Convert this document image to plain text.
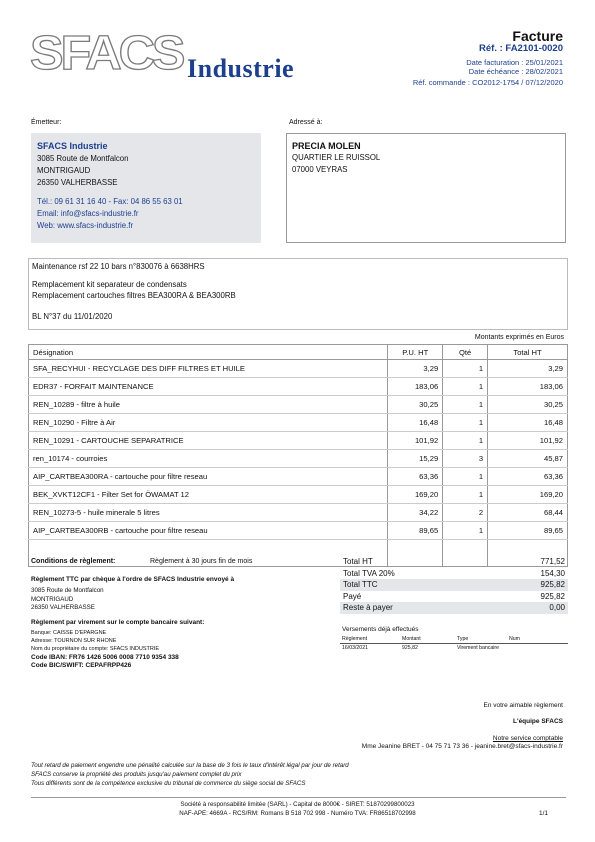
SFACS Industrie
Facture
Réf. : FA2101-0020
Date facturation : 25/01/2021
Date échéance : 28/02/2021
Réf. commande : CO2012-1754 / 07/12/2020
Émetteur:
SFACS Industrie
3085 Route de Montfalcon
MONTRIGAUD
26350 VALHERBASSE
Tél.: 09 61 31 16 40 - Fax: 04 86 55 63 01
Email: info@sfacs-industrie.fr
Web: www.sfacs-industrie.fr
Adressé à:
PRECIA MOLEN
QUARTIER LE RUISSOL
07000 VEYRAS
Maintenance rsf 22 10 bars n°830076 à 6638HRS
Remplacement kit separateur de condensats
Remplacement cartouches filtres BEA300RA & BEA300RB
BL N°37 du 11/01/2020
Montants exprimés en Euros
Désignation	P.U. HT	Qté	Total HT
SFA_RECYHUI - RECYCLAGE DES DIFF FILTRES ET HUILE	3,29	1	3,29
EDR37 - FORFAIT MAINTENANCE	183,06	1	183,06
REN_10289 - filtre à huile	30,25	1	30,25
REN_10290 - Filtre à Air	16,48	1	16,48
REN_10291 - CARTOUCHE SEPARATRICE	101,92	1	101,92
ren_10174 - courroies	15,29	3	45,87
AIP_CARTBEA300RA - cartouche pour filtre reseau	63,36	1	63,36
BEK_XVKT12CF1 - Filter Set for ÖWAMAT 12	169,20	1	169,20
REN_10273-5 - huile minerale 5 litres	34,22	2	68,44
AIP_CARTBEA300RB - cartouche pour filtre reseau	89,65	1	89,65

Conditions de règlement:	Règlement à 30 jours fin de mois
Règlement TTC par chèque à l'ordre de SFACS Industrie envoyé à
3085 Route de Montfalcon
MONTRIGAUD
26350 VALHERBASSE
Règlement par virement sur le compte bancaire suivant:
Banque: CAISSE D'EPARGNE
Adresse: TOURNON SUR RHONE
Nom du propriétaire du compte: SFACS INDUSTRIE
Code IBAN: FR76 1426 5006 0008 7710 9354 338
Code BIC/SWIFT: CEPAFRPP426
Total HT	771,52
Total TVA 20%	154,30
Total TTC	925,82
Payé	925,82
Reste à payer	0,00
Versements déjà effectués
Règlement	Montant	Type	Num
16/03/2021	925,82	Virement bancaire	
En votre aimable règlement
L'équipe SFACS
Notre service comptable
Mme Jeanine BRET - 04 75 71 73 36 - jeanine.bret@sfacs-industrie.fr
Tout retard de paiement engendre une pénalité calculée sur la base de 3 fois le taux d'intérêt légal par jour de retard
SFACS conserve la propriété des produits jusqu'au paiement complet du prix
Tous différents sont de la compétence exclusive du tribunal de commerce du siège social de SFACS
Société à responsabilité limitée (SARL) - Capital de 8000€ - SIRET: 51870299800023
NAF-APE: 4669A - RCS/RM: Romans B 518 702 998 - Numéro TVA: FR86518702998	1/1
